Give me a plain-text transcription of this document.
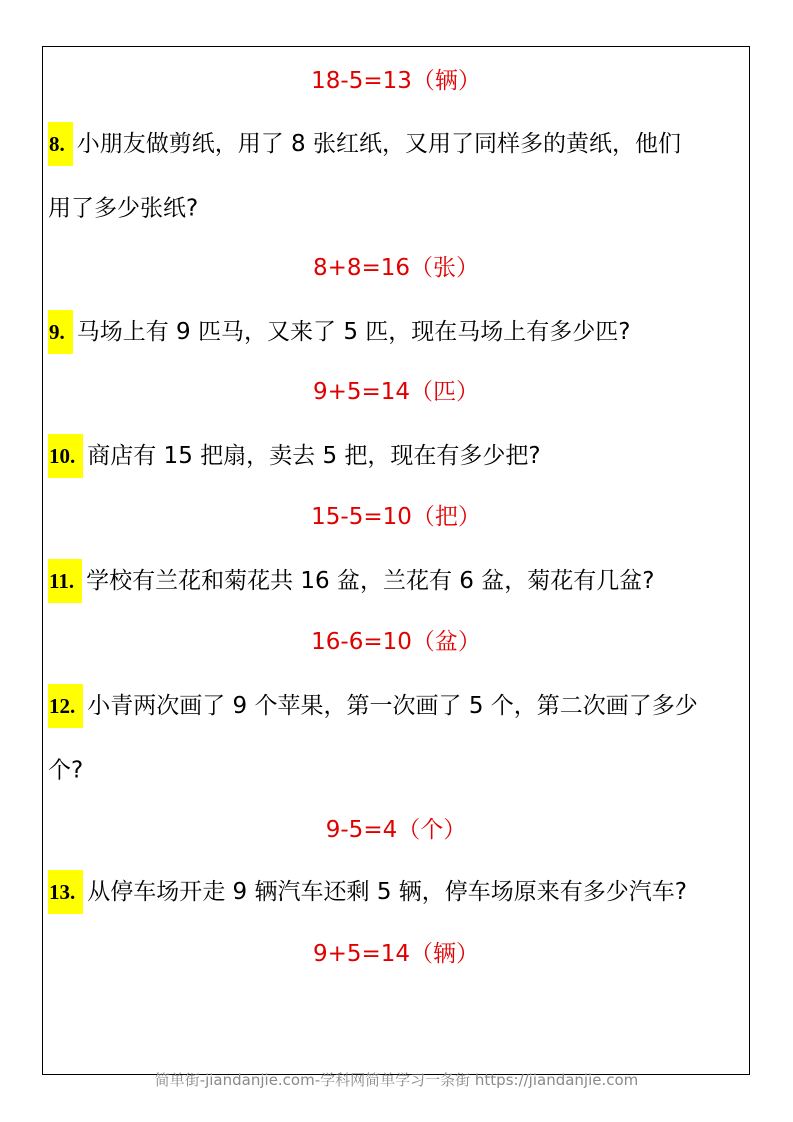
18-5=13（辆）
8. 小朋友做剪纸，用了 8 张红纸，又用了同样多的黄纸，他们
用了多少张纸?
8+8=16（张）
9. 马场上有 9 匹马，又来了 5 匹，现在马场上有多少匹?
9+5=14（匹）
10. 商店有 15 把扇，卖去 5 把，现在有多少把?
15-5=10（把）
11. 学校有兰花和菊花共 16 盆，兰花有 6 盆，菊花有几盆?
16-6=10（盆）
12. 小青两次画了 9 个苹果，第一次画了 5 个，第二次画了多少
个?
9-5=4（个）
13. 从停车场开走 9 辆汽车还剩 5 辆，停车场原来有多少汽车?
9+5=14（辆）
简单街-jiandanjie.com-学科网简单学习一条街 https://jiandanjie.com
